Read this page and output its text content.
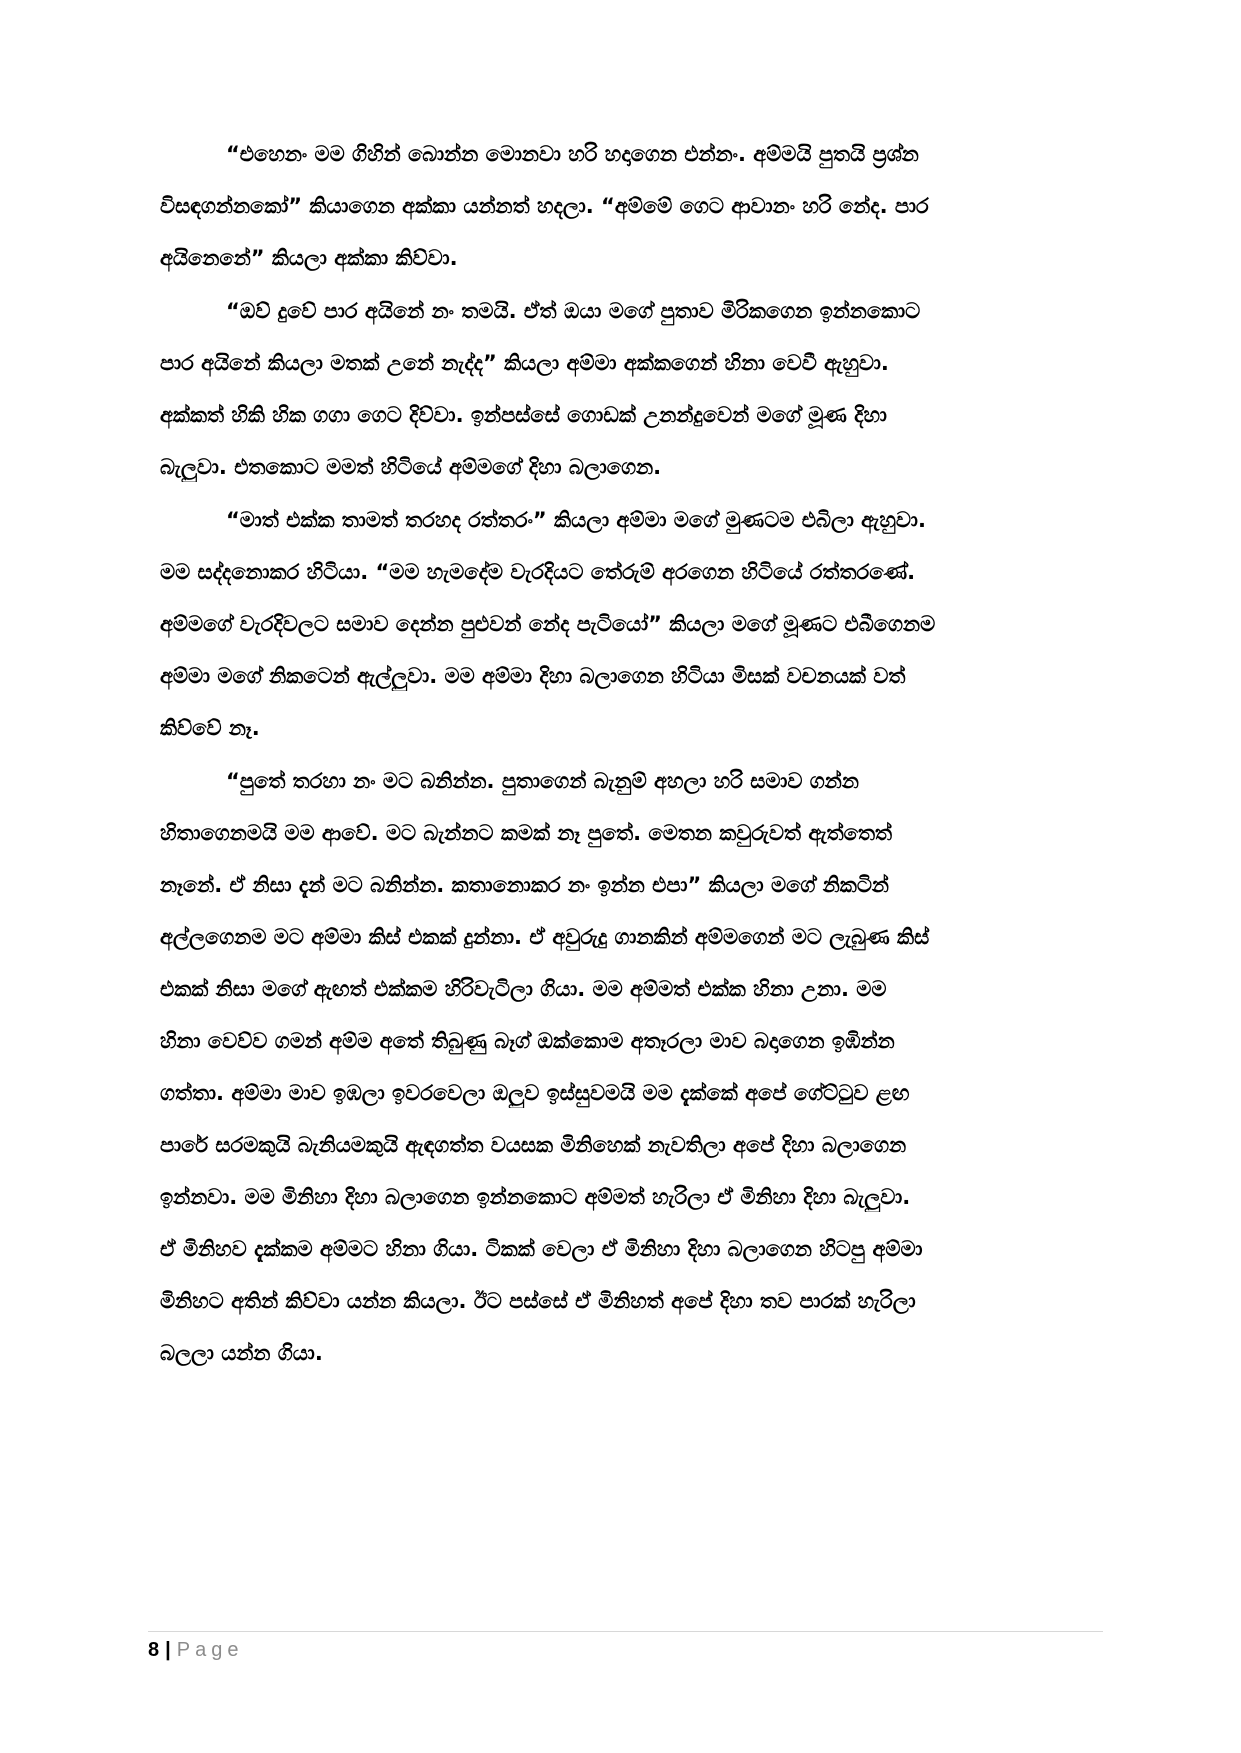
“එහෙනං මම ගිහින් බොන්න මොනවා හරි හදාගෙන එන්නං. අම්මයි පුතයි ප්‍රශ්න
විසඳගන්නකෝ” කියාගෙන අක්කා යන්නත් හදලා. “අම්මේ ගෙට ආවානං හරි නේද. පාර
අයිනෙනේ” කියලා අක්කා කිව්වා.
“ඔව් දුවේ පාර අයිනේ නං තමයි. ඒත් ඔයා මගේ පුතාව මිරිකගෙන ඉන්නකොට
පාර අයිනේ කියලා මතක් උනේ නැද්ද” කියලා අම්මා අක්කගෙන් හිනා වෙවී ඇහුවා.
අක්කත් හිකි හික ගගා ගෙට දිව්වා. ඉන්පස්සේ ගොඩක් උනන්දුවෙන් මගේ මූණ දිහා
බැලුවා. එතකොට මමත් හිටියේ අම්මගේ දිහා බලාගෙන.
“මාත් එක්ක තාමත් තරහද රත්තරං” කියලා අම්මා මගේ මුණටම එබිලා ඇහුවා.
මම සද්දනොකර හිටියා. “මම හැමදේම වැරදියට තේරුම් අරගෙන හිටියේ රත්තරණේ.
අම්මගේ වැරදිවලට සමාව දෙන්න පුළුවන් නේද පැටියෝ” කියලා මගේ මූණට එබීගෙනම
අම්මා මගේ නිකටෙන් ඇල්ලුවා. මම අම්මා දිහා බලාගෙන හිටියා මිසක් වචනයක් වත්
කිව්වේ නෑ.
“පුතේ තරහා නං මට බනින්න. පුතාගෙන් බැනුම් අහලා හරි සමාව ගන්න
හිතාගෙනමයි මම ආවේ. මට බැන්නට කමක් නෑ පුතේ. මෙතන කවුරුවත් ඇත්තෙත්
නෑනේ. ඒ නිසා දැන් මට බනින්න. කතානොකර නං ඉන්න එපා” කියලා මගේ නිකටින්
අල්ලගෙනම මට අම්මා කිස් එකක් දුන්නා. ඒ අවුරුදු ගානකින් අම්මගෙන් මට ලැබුණ කිස්
එකක් නිසා මගේ ඇඟත් එක්කම හිරිවැටිලා ගියා. මම අම්මත් එක්ක හිනා උනා. මම
හිනා වෙව්ව ගමන් අම්ම අතේ තිබුණු බෑග් ඔක්කොම අතෑරලා මාව බදාගෙන ඉඹින්න
ගත්තා. අම්මා මාව ඉඹලා ඉවරවෙලා ඔලුව ඉස්සුවමයි මම දැක්කේ අපේ ගේට්ටුව ළඟ
පාරේ සරමකුයි බැනියමකුයි ඇඳගත්ත වයසක මිනිහෙක් නැවතිලා අපේ දිහා බලාගෙන
ඉන්නවා. මම මිනිහා දිහා බලාගෙන ඉන්නකොට අම්මත් හැරිලා ඒ මිනිහා දිහා බැලුවා.
ඒ මිනිහව දැක්කම අම්මට හිනා ගියා. ටිකක් වෙලා ඒ මිනිහා දිහා බලාගෙන හිටපු අම්මා
මිනිහට අතින් කිව්වා යන්න කියලා. ඊට පස්සේ ඒ මිනිහත් අපේ දිහා තව පාරක් හැරිලා
බලලා යන්න ගියා.
8 | Page
